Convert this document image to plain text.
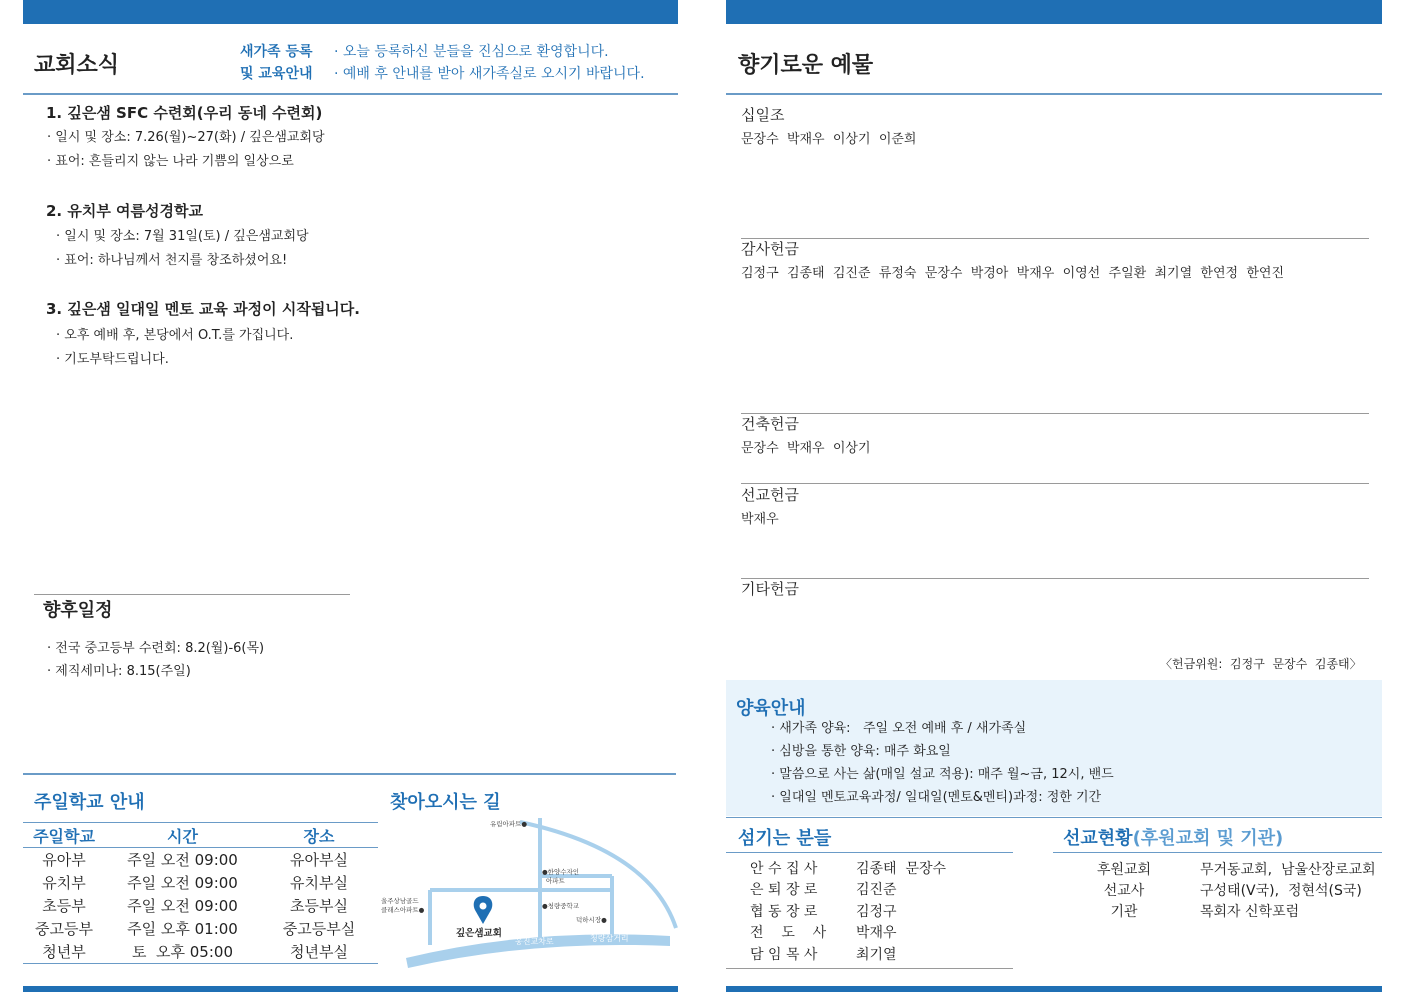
교회소식
새가족 등록
및 교육안내
· 오늘 등록하신 분들을 진심으로 환영합니다.
· 예배 후 안내를 받아 새가족실로 오시기 바랍니다.
1. 깊은샘 SFC 수련회(우리 동네 수련회)
· 일시 및 장소: 7.26(월)~27(화) / 깊은샘교회당
· 표어: 흔들리지 않는 나라 기쁨의 일상으로
2. 유치부 여름성경학교
· 일시 및 장소: 7월 31일(토) / 깊은샘교회당
· 표어: 하나님께서 천지를 창조하셨어요!
3. 깊은샘 일대일 멘토 교육 과정이 시작됩니다.
· 오후 예배 후, 본당에서 O.T.를 가집니다.
· 기도부탁드립니다.
향후일정
· 전국 중고등부 수련회: 8.2(월)-6(목)
· 제직세미나: 8.15(주일)
주일학교 안내
주일학교	시간	장소
유아부	주일 오전 09:00	유아부실
유치부	주일 오전 09:00	유치부실
초등부	주일 오전 09:00	초등부실
중고등부	주일 오후 01:00	중고등부실
청년부	토  오후 05:00	청년부실
찾아오시는 길
유림아파트●
●한양수자인
아파트
울주상남골드
클래스아파트●	●청량중학교
덕하시장●
깊은샘교회
웅진교차로	청량삼거리
향기로운 예물
십일조
문장수  박재우  이상기  이준희
감사헌금
김정구  김종태  김진준  류정숙  문장수  박경아  박재우  이영선  주일환  최기열  한연정  한연진
건축헌금
문장수  박재우  이상기
선교헌금
박재우
기타헌금
〈헌금위원:  김정구  문장수  김종태〉
양육안내
· 새가족 양육:   주일 오전 예배 후 / 새가족실
· 심방을 통한 양육: 매주 화요일
· 말씀으로 사는 삶(매일 설교 적용): 매주 월~금, 12시, 밴드
· 일대일 멘토교육과정/ 일대일(멘토&멘티)과정: 정한 기간
섬기는 분들
안 수 집 사	김종태  문장수
은 퇴 장 로	김진준
협 동 장 로	김정구
전    도    사	박재우
담 임 목 사	최기열
선교현황(후원교회 및 기관)
후원교회	무거동교회,  남울산장로교회
선교사	구성태(V국),  정현석(S국)
기관	목회자 신학포럼
